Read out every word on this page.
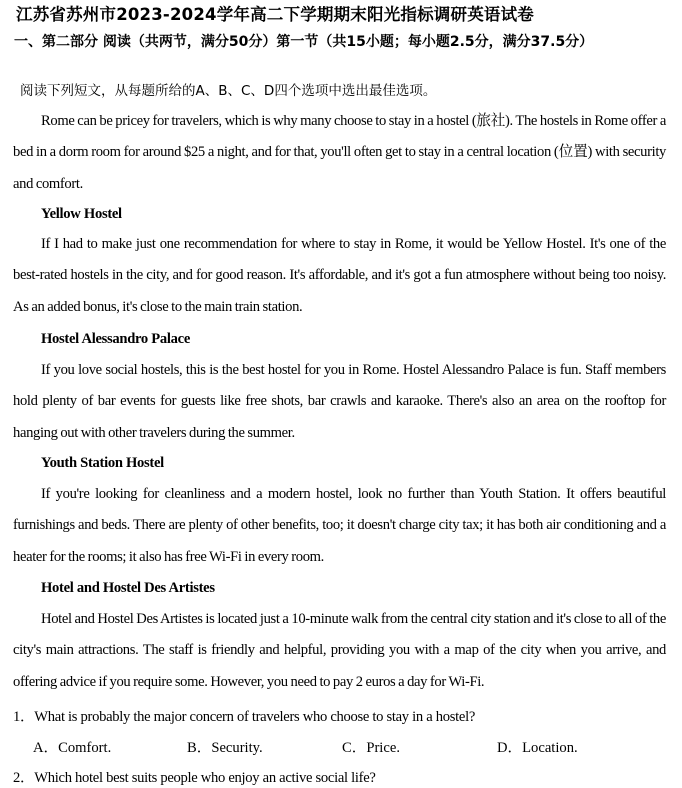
江苏省苏州市2023-2024学年高二下学期期末阳光指标调研英语试卷
一、第二部分 阅读（共两节，满分50分）第一节（共15小题；每小题2.5分，满分37.5分）
阅读下列短文，从每题所给的A、B、C、D四个选项中选出最佳选项。
Rome can be pricey for travelers, which is why many choose to stay in a hostel (旅社). The hostels in Rome offer a bed in a dorm room for around $25 a night, and for that, you'll often get to stay in a central location (位置) with security and comfort.
Yellow Hostel
If I had to make just one recommendation for where to stay in Rome, it would be Yellow Hostel. It's one of the best-rated hostels in the city, and for good reason. It's affordable, and it's got a fun atmosphere without being too noisy. As an added bonus, it's close to the main train station.
Hostel Alessandro Palace
If you love social hostels, this is the best hostel for you in Rome. Hostel Alessandro Palace is fun. Staff members hold plenty of bar events for guests like free shots, bar crawls and karaoke. There's also an area on the rooftop for hanging out with other travelers during the summer.
Youth Station Hostel
If you're looking for cleanliness and a modern hostel, look no further than Youth Station. It offers beautiful furnishings and beds. There are plenty of other benefits, too; it doesn't charge city tax; it has both air conditioning and a heater for the rooms; it also has free Wi-Fi in every room.
Hotel and Hostel Des Artistes
Hotel and Hostel Des Artistes is located just a 10-minute walk from the central city station and it's close to all of the city's main attractions. The staff is friendly and helpful, providing you with a map of the city when you arrive, and offering advice if you require some. However, you need to pay 2 euros a day for Wi-Fi.
1．What is probably the major concern of travelers who choose to stay in a hostel?
A．Comfort.	B．Security.	C．Price.	D．Location.
2．Which hotel best suits people who enjoy an active social life?
